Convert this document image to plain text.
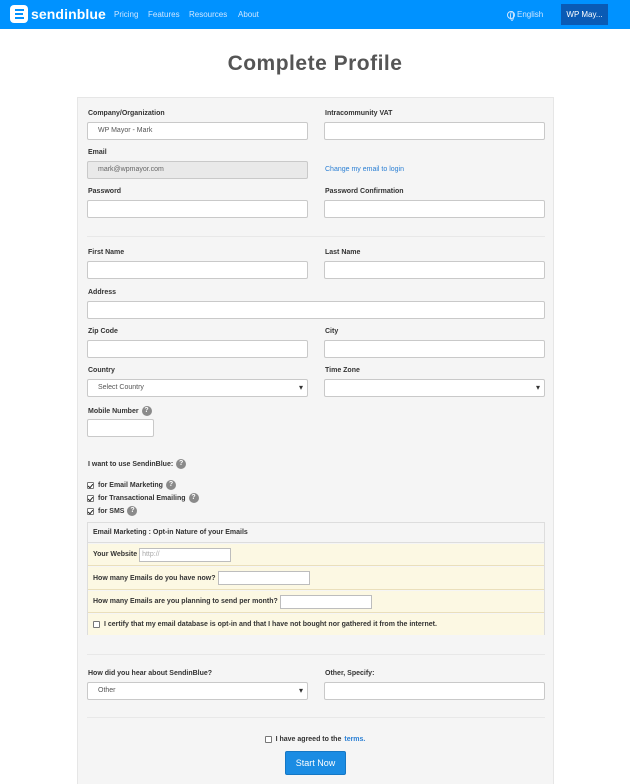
sendinblue Pricing Features Resources About	English	WP May...
Complete Profile
Company/Organization
WP Mayor - Mark
Intracommunity VAT
Email
mark@wpmayor.com	Change my email to login
Password	Password Confirmation
First Name	Last Name
Address
Zip Code	City
Country
Select Country ▾
Time Zone
▾
Mobile Number ?
I want to use SendinBlue: ?
for Email Marketing ?
for Transactional Emailing ?
for SMS ?
Email Marketing : Opt-in Nature of your Emails
Your Website http://
How many Emails do you have now?
How many Emails are you planning to send per month?
I certify that my email database is opt-in and that I have not bought nor gathered it from the internet.
How did you hear about SendinBlue?
Other ▾
Other, Specify:
I have agreed to the terms.
Start Now
